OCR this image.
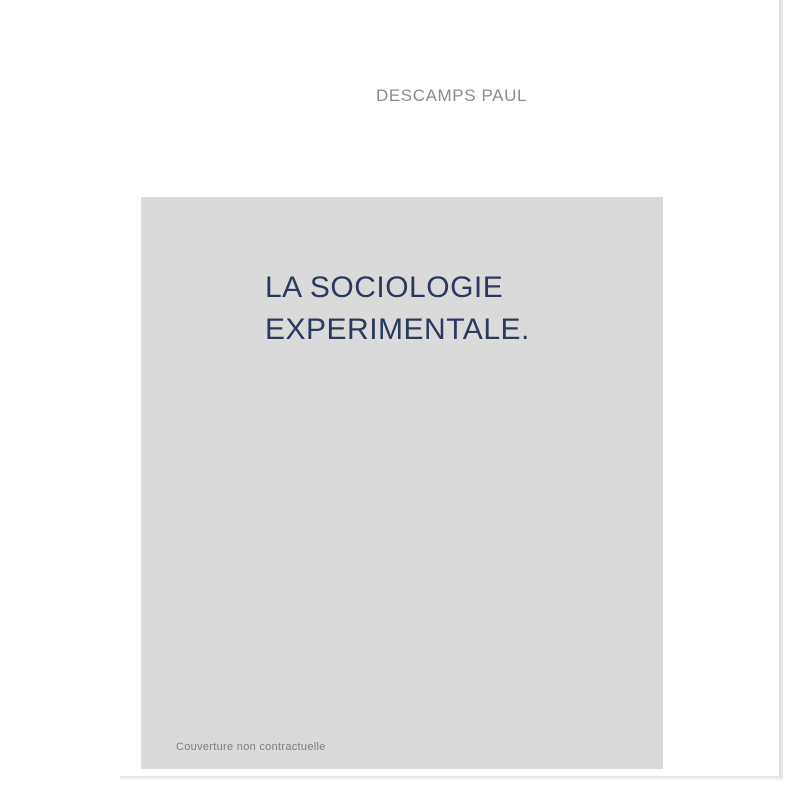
DESCAMPS PAUL
LA SOCIOLOGIE
EXPERIMENTALE.
Couverture non contractuelle
